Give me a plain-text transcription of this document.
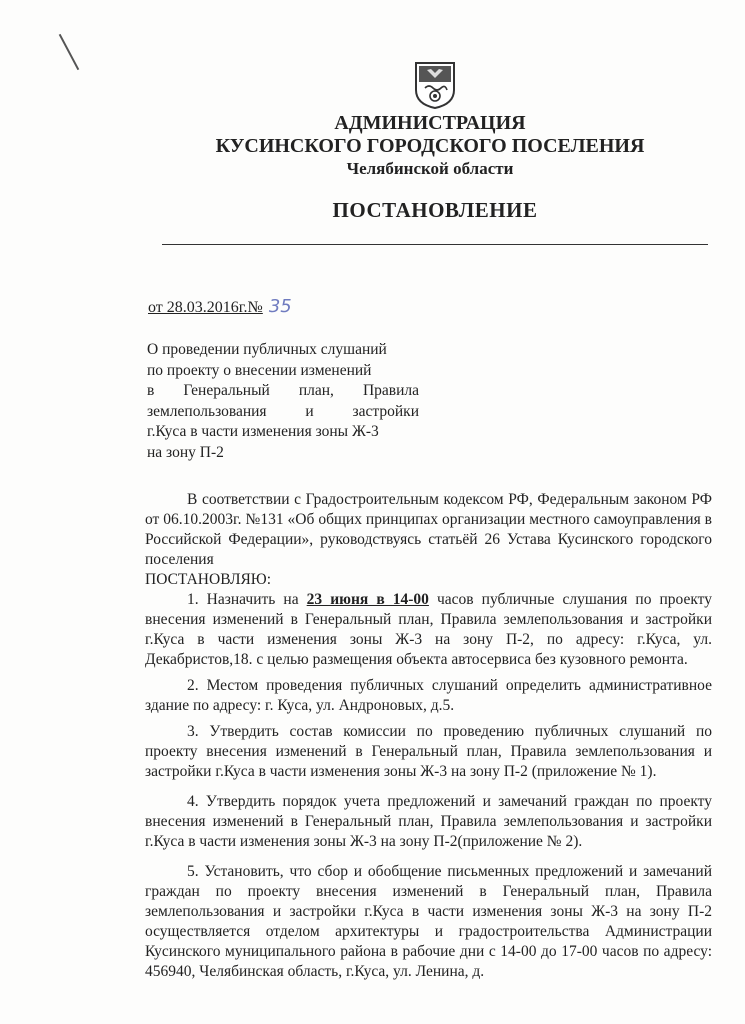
АДМИНИСТРАЦИЯ
КУСИНСКОГО ГОРОДСКОГО ПОСЕЛЕНИЯ
Челябинской области
ПОСТАНОВЛЕНИЕ
от 28.03.2016г.№ 35
О проведении публичных слушаний
по проекту о внесении изменений
в Генеральный план, Правила
землепользования и застройки
г.Куса в части изменения зоны Ж-3
на зону П-2

В соответствии с Градостроительным кодексом РФ, Федеральным законом РФ от 06.10.2003г. №131 «Об общих принципах организации местного самоуправления в Российской Федерации», руководствуясь статьёй 26 Устава Кусинского городского поселения

ПОСТАНОВЛЯЮ:

1. Назначить на 23 июня в 14-00 часов публичные слушания по проекту внесения изменений в Генеральный план, Правила землепользования и застройки г.Куса в части изменения зоны Ж-3 на зону П-2, по адресу: г.Куса, ул. Декабристов,18. с целью размещения объекта автосервиса без кузовного ремонта.

2. Местом проведения публичных слушаний определить административное здание по адресу: г. Куса, ул. Андроновых, д.5.

3. Утвердить состав комиссии по проведению публичных слушаний по проекту внесения изменений в Генеральный план, Правила землепользования и застройки г.Куса в части изменения зоны Ж-3 на зону П-2 (приложение № 1).

4. Утвердить порядок учета предложений и замечаний граждан по проекту внесения изменений в Генеральный план, Правила землепользования и застройки г.Куса в части изменения зоны Ж-3 на зону П-2(приложение № 2).

5. Установить, что сбор и обобщение письменных предложений и замечаний граждан по проекту внесения изменений в Генеральный план, Правила землепользования и застройки г.Куса в части изменения зоны Ж-3 на зону П-2 осуществляется отделом архитектуры и градостроительства Администрации Кусинского муниципального района в рабочие дни с 14-00 до 17-00 часов по адресу: 456940, Челябинская область, г.Куса, ул. Ленина, д.
